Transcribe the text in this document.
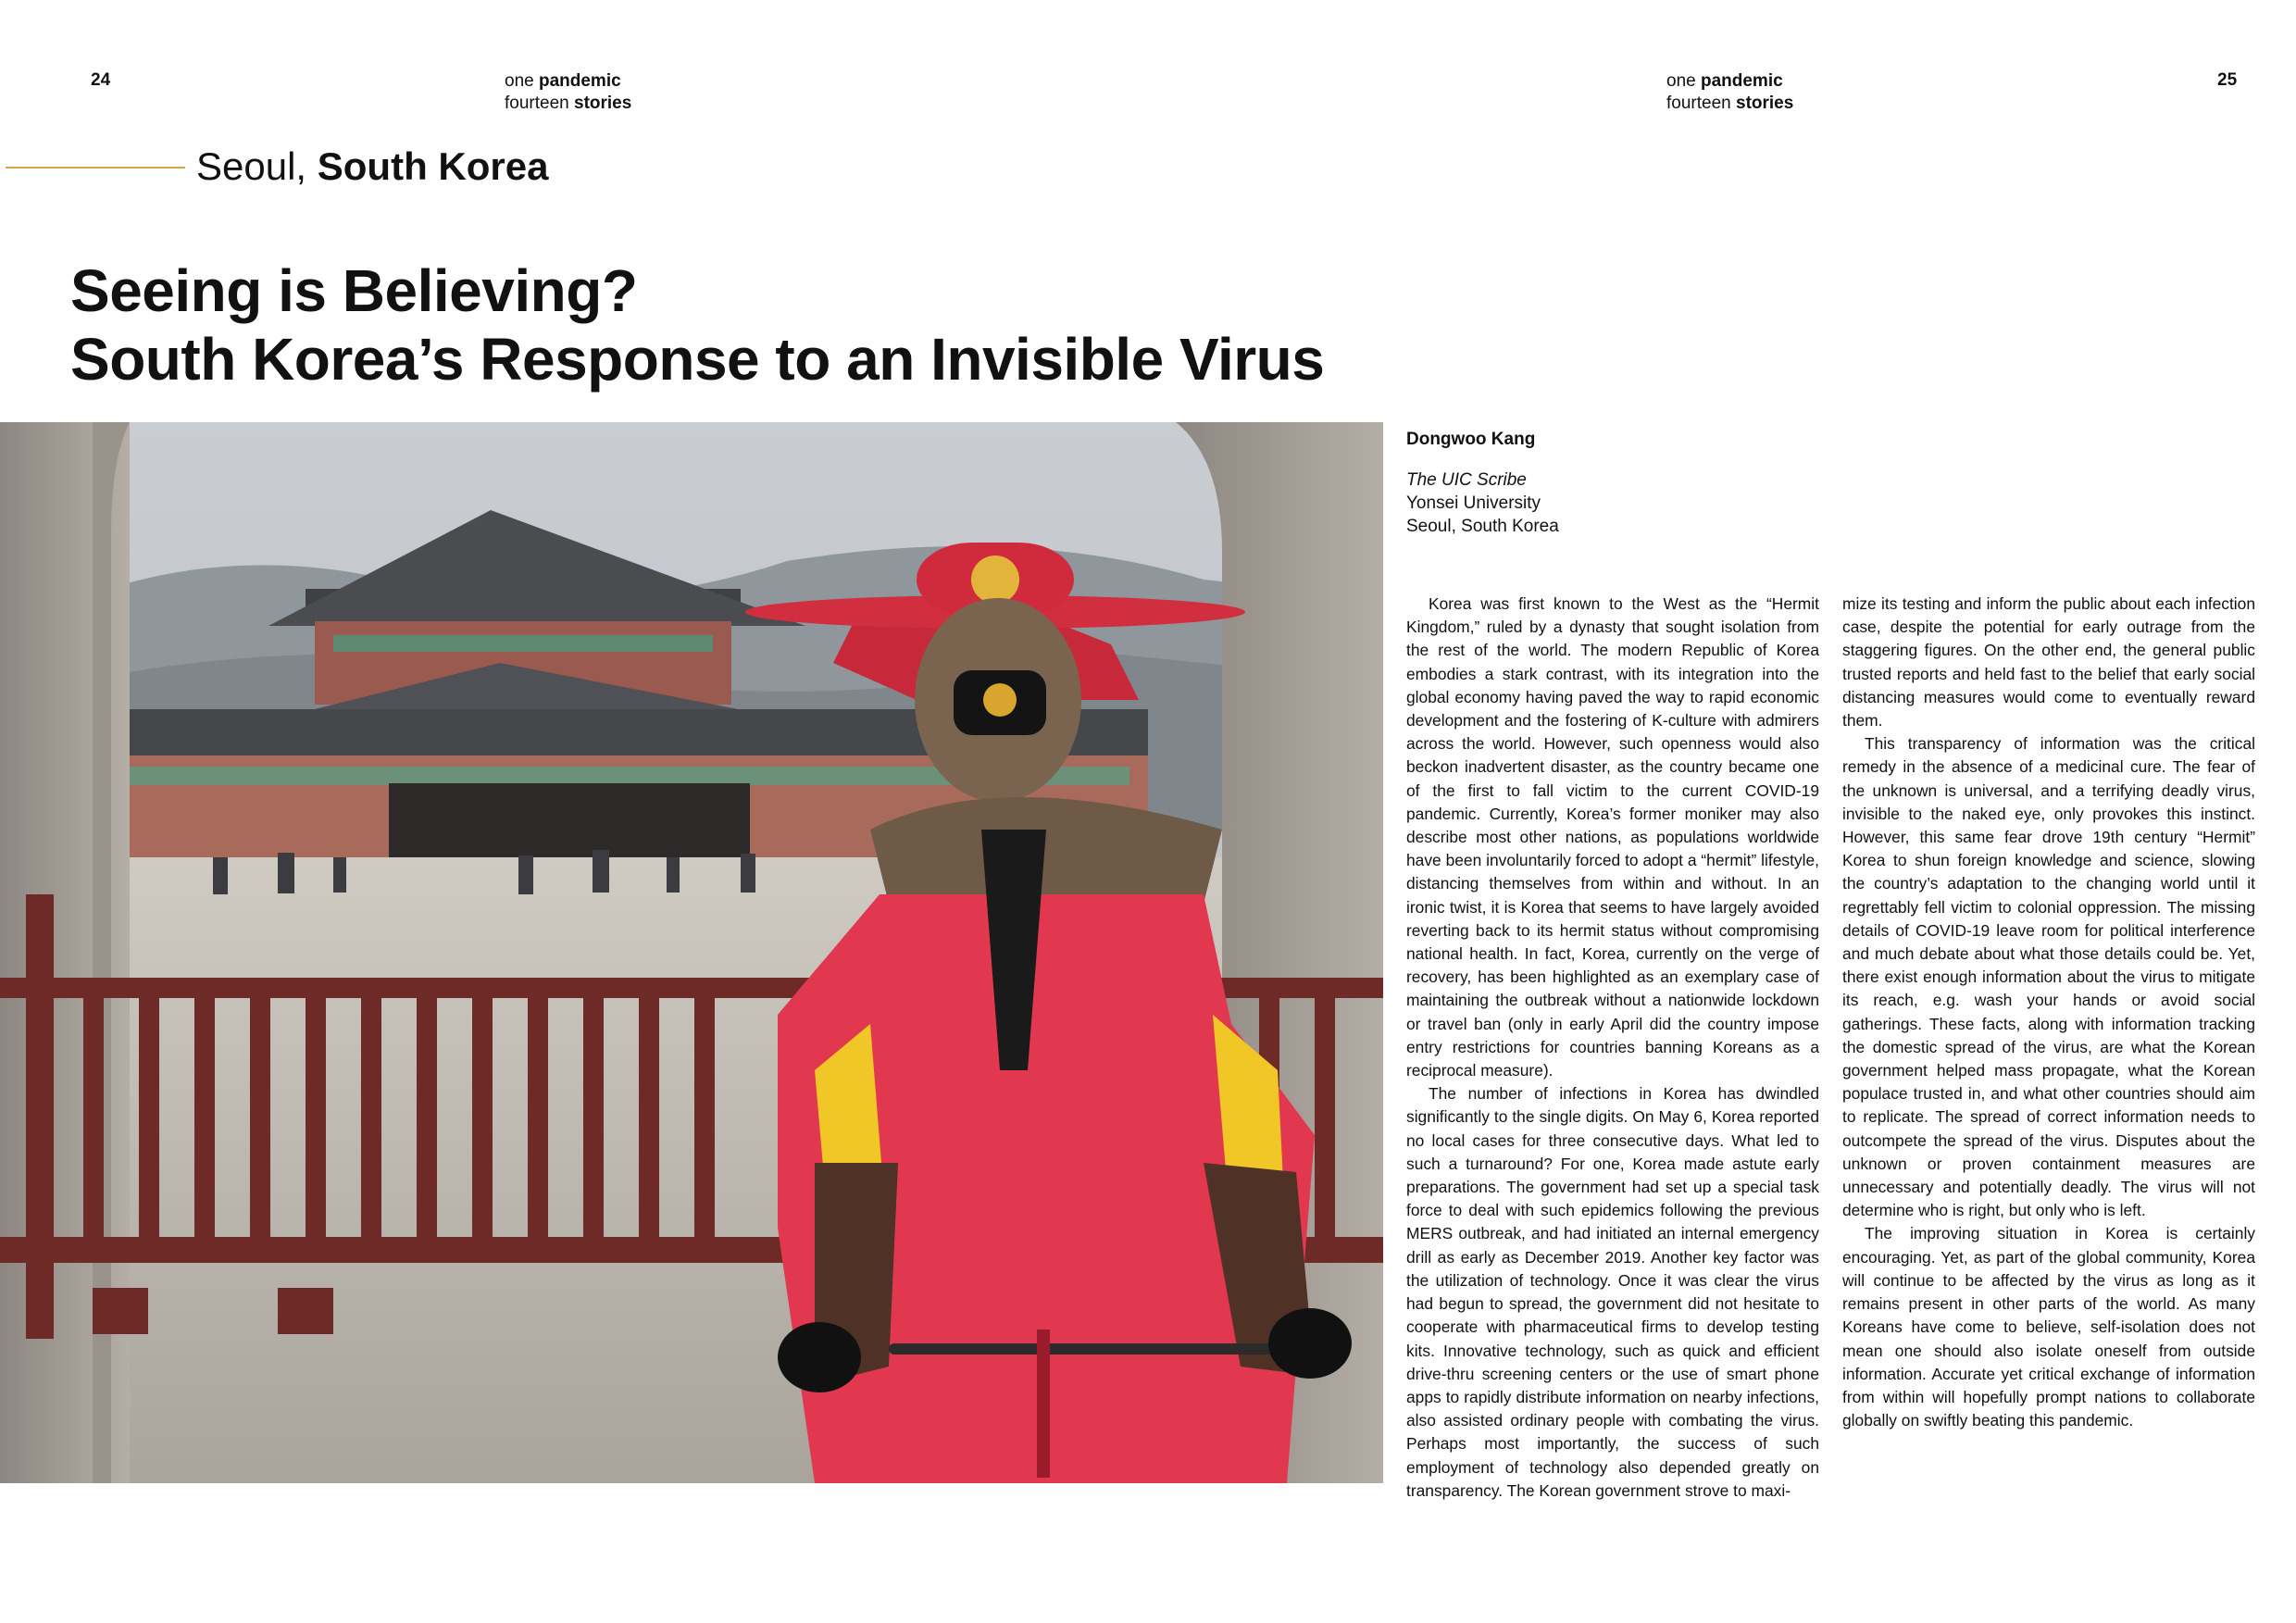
24	one pandemic
fourteen stories
one pandemic
fourteen stories
25
Seoul, South Korea
Seeing is Believing?
South Korea’s Response to an Invisible Virus
Dongwoo Kang
The UIC Scribe
Yonsei University
Seoul, South Korea

Korea was first known to the West as the “Hermit Kingdom,” ruled by a dynasty that sought isolation from the rest of the world. The modern Republic of Korea embodies a stark contrast, with its integration into the global economy having paved the way to rapid economic development and the fostering of K-culture with admirers across the world. However, such openness would also beckon inadvertent disaster, as the country became one of the first to fall victim to the current COVID-19 pandemic. Currently, Korea’s former moniker may also describe most other nations, as populations worldwide have been involuntarily forced to adopt a “hermit” lifestyle, distancing themselves from within and without. In an ironic twist, it is Korea that seems to have largely avoided reverting back to its hermit status without compromising national health. In fact, Korea, currently on the verge of recovery, has been highlighted as an exemplary case of maintaining the outbreak without a nationwide lockdown or travel ban (only in early April did the country impose entry restrictions for countries banning Koreans as a reciprocal measure).

The number of infections in Korea has dwindled significantly to the single digits. On May 6, Korea reported no local cases for three consecutive days. What led to such a turnaround? For one, Korea made astute early preparations. The government had set up a special task force to deal with such epidemics following the previous MERS outbreak, and had initiated an internal emergency drill as early as December 2019. Another key factor was the utilization of technology. Once it was clear the virus had begun to spread, the government did not hesitate to cooperate with pharmaceutical firms to develop testing kits. Innovative technology, such as quick and efficient drive-thru screening centers or the use of smart phone apps to rapidly distribute information on nearby infections, also assisted ordinary people with combating the virus. Perhaps most importantly, the success of such employment of technology also depended greatly on transparency. The Korean government strove to maxi-

mize its testing and inform the public about each infection case, despite the potential for early outrage from the staggering figures. On the other end, the general public trusted reports and held fast to the belief that early social distancing measures would come to eventually reward them.

This transparency of information was the critical remedy in the absence of a medicinal cure. The fear of the unknown is universal, and a terrifying deadly virus, invisible to the naked eye, only provokes this instinct. However, this same fear drove 19th century “Hermit” Korea to shun foreign knowledge and science, slowing the country’s adaptation to the changing world until it regrettably fell victim to colonial oppression. The missing details of COVID-19 leave room for political interference and much debate about what those details could be. Yet, there exist enough information about the virus to mitigate its reach, e.g. wash your hands or avoid social gatherings. These facts, along with information tracking the domestic spread of the virus, are what the Korean government helped mass propagate, what the Korean populace trusted in, and what other countries should aim to replicate. The spread of correct information needs to outcompete the spread of the virus. Disputes about the unknown or proven containment measures are unnecessary and potentially deadly. The virus will not determine who is right, but only who is left.

The improving situation in Korea is certainly encouraging. Yet, as part of the global community, Korea will continue to be affected by the virus as long as it remains present in other parts of the world. As many Koreans have come to believe, self-isolation does not mean one should also isolate oneself from outside information. Accurate yet critical exchange of information from within will hopefully prompt nations to collaborate globally on swiftly beating this pandemic.
